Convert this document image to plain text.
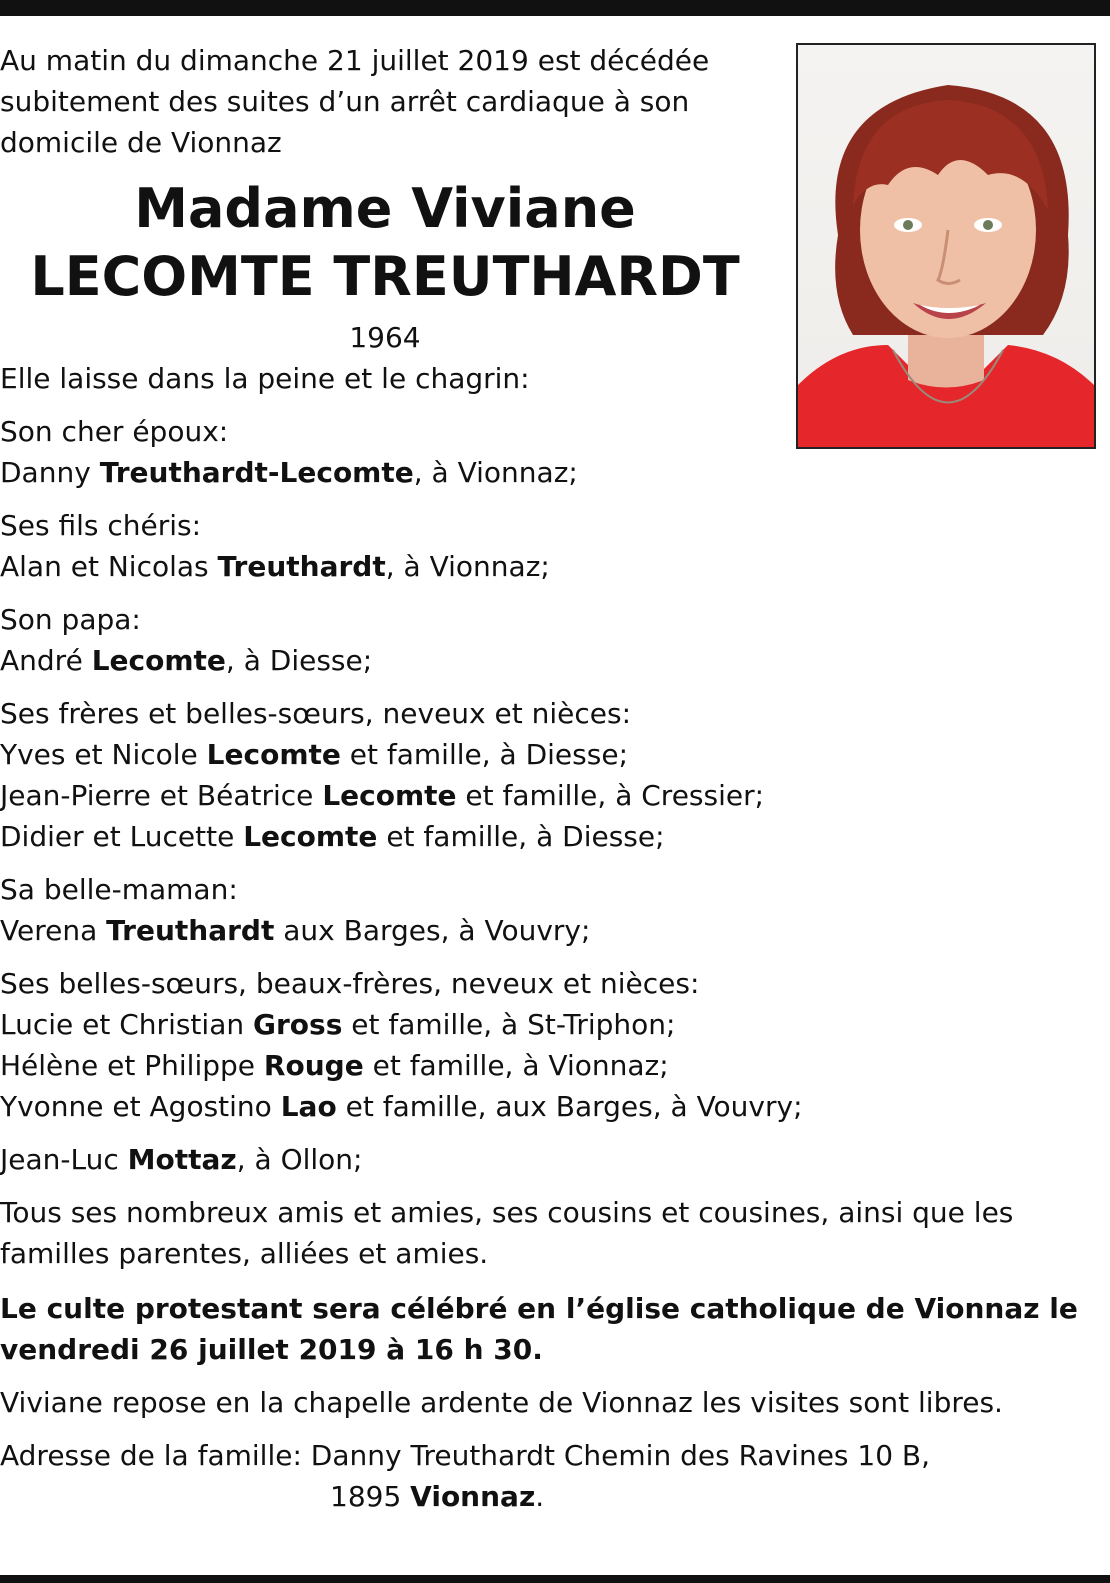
Au matin du dimanche 21 juillet 2019 est décédée subitement des suites d’un arrêt cardiaque à son domicile de Vionnaz

Madame Viviane
LECOMTE TREUTHARDT
1964
Elle laisse dans la peine et le chagrin:
Son cher époux:
Danny Treuthardt-Lecomte, à Vionnaz;
Ses fils chéris:
Alan et Nicolas Treuthardt, à Vionnaz;
Son papa:
André Lecomte, à Diesse;
Ses frères et belles-sœurs, neveux et nièces:
Yves et Nicole Lecomte et famille, à Diesse;
Jean-Pierre et Béatrice Lecomte et famille, à Cressier;
Didier et Lucette Lecomte et famille, à Diesse;
Sa belle-maman:
Verena Treuthardt aux Barges, à Vouvry;
Ses belles-sœurs, beaux-frères, neveux et nièces:
Lucie et Christian Gross et famille, à St-Triphon;
Hélène et Philippe Rouge et famille, à Vionnaz;
Yvonne et Agostino Lao et famille, aux Barges, à Vouvry;
Jean-Luc Mottaz, à Ollon;
Tous ses nombreux amis et amies, ses cousins et cousines, ainsi que les familles parentes, alliées et amies.
Le culte protestant sera célébré en l’église catholique de Vionnaz le vendredi 26 juillet 2019 à 16 h 30.
Viviane repose en la chapelle ardente de Vionnaz les visites sont libres.
Adresse de la famille: Danny Treuthardt Chemin des Ravines 10 B,
1895 Vionnaz.
